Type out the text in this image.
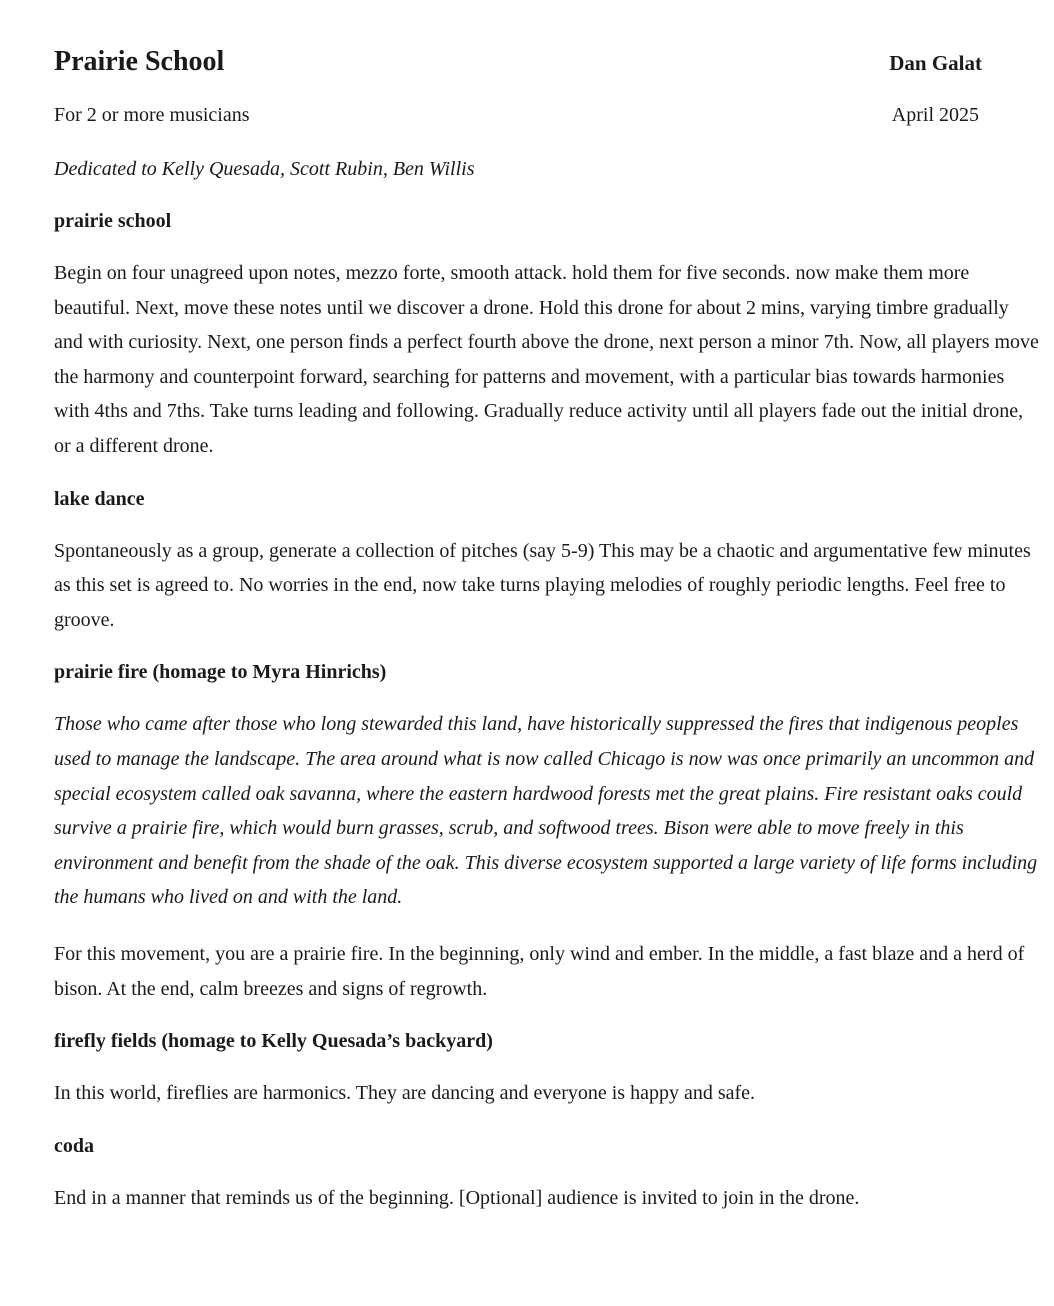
Prairie School	Dan Galat
For 2 or more musicians	April 2025
Dedicated to Kelly Quesada, Scott Rubin, Ben Willis
prairie school

Begin on four unagreed upon notes, mezzo forte, smooth attack. hold them for five seconds. now make them more beautiful. Next, move these notes until we discover a drone. Hold this drone for about 2 mins, varying timbre gradually and with curiosity. Next, one person finds a perfect fourth above the drone, next person a minor 7th. Now, all players move the harmony and counterpoint forward, searching for patterns and movement, with a particular bias towards harmonies with 4ths and 7ths. Take turns leading and following. Gradually reduce activity until all players fade out the initial drone, or a different drone.

lake dance

Spontaneously as a group, generate a collection of pitches (say 5-9) This may be a chaotic and argumentative few minutes as this set is agreed to. No worries in the end, now take turns playing melodies of roughly periodic lengths. Feel free to groove.

prairie fire (homage to Myra Hinrichs)

Those who came after those who long stewarded this land, have historically suppressed the fires that indigenous peoples used to manage the landscape. The area around what is now called Chicago is now was once primarily an uncommon and special ecosystem called oak savanna, where the eastern hardwood forests met the great plains. Fire resistant oaks could survive a prairie fire, which would burn grasses, scrub, and softwood trees. Bison were able to move freely in this environment and benefit from the shade of the oak. This diverse ecosystem supported a large variety of life forms including the humans who lived on and with the land.

For this movement, you are a prairie fire. In the beginning, only wind and ember. In the middle, a fast blaze and a herd of bison. At the end, calm breezes and signs of regrowth.

firefly fields (homage to Kelly Quesada’s backyard)

In this world, fireflies are harmonics. They are dancing and everyone is happy and safe.

coda

End in a manner that reminds us of the beginning. [Optional] audience is invited to join in the drone.
